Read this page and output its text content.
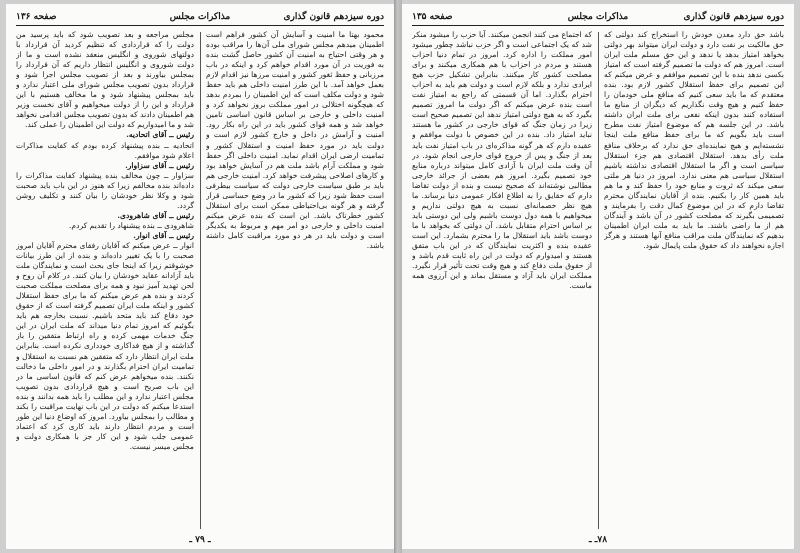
دوره سیزدهم قانون گذاری
مذاکرات مجلس
صفحه ۱۳۶

محمود بهتا ما امنیت و آسایش آن کشور فراهم است اطمینان میدهم مجلس شورای ملی آن‌ها را مراقب بوده و هر وقتی احتیاج به امنیت آن کشور حاصل گشت بنده به فوریت در آن مورد اقدام خواهم کرد و اینکه در باب مرزبانی و حفظ ثغور کشور و امنیت مرزها نیز اقدام لازم بعمل خواهد آمد. با این طرز امنیت داخلی هم باید حفظ شود و دولت مکلف است که این اطمینان را بمردم بدهد که هیچگونه اختلالی در امور مملکت بروز نخواهد کرد و امنیت داخلی و خارجی بر اساس قانون اساسی تامین خواهد شد و همه قوای کشور باید در این راه بکار رود. امنیت و آرامش در داخل و خارج کشور لازم است و دولت باید در مورد حفظ امنیت و استقلال کشور و تمامیت ارضی ایران اقدام نماید. امنیت داخلی اگر حفظ شود و مملکت آرام باشد ملت هم در آسایش خواهد بود و کارهای اصلاحی پیشرفت خواهد کرد. امنیت خارجی هم باید بر طبق سیاست خارجی دولت که سیاست بیطرفی است حفظ شود زیرا که کشور ما در وضع حساسی قرار گرفته و هر گونه بی‌احتیاطی ممکن است برای استقلال کشور خطرناک باشد. این است که بنده عرض میکنم امنیت داخلی و خارجی دو امر مهم و مربوط به یکدیگر است و دولت باید در هر دو مورد مراقبت کامل داشته باشد.

مجلس مراجعه و بعد تصویب شود که باید پرسید من دولت را که قراردادی که تنظیم کردید آن قرارداد با دولتهای شوروی و انگلیس منعقد نشده است و ما از دولت شوروی و انگلیس انتظار داریم که آن قرارداد را بمجلس بیاورند و بعد از تصویب مجلس اجرا شود و قرارداد بدون تصویب مجلس شورای ملی اعتبار ندارد و باید بمجلس پیشنهاد شود و ما مخالف هستیم با این قرارداد و این را از دولت میخواهیم و آقای نخست وزیر هم اطمینان دادند که بدون تصویب مجلس اقدامی نخواهد شد و ما امیدواریم که دولت این اطمینان را عملی کند.

رئیس ــ آقای اتحادیه.

اتحادیه ــ بنده پیشنهاد کرده بودم که کفایت مذاکرات اعلام شود موافقم.

رئیس ــ آقای سزاوار.

سزاوار ــ چون مخالف بنده پیشنهاد کفایت مذاکرات را داده‌اند بنده مخالفم زیرا که هنوز در این باب باید صحبت شود و وکلا نظر خودشان را بیان کنند و تکلیف روشن گردد.

رئیس ــ آقای شاهرودی.

شاهرودی ــ بنده پیشنهاد را تقدیم کردم.

رئیس ــ آقای انوار.

انوار ــ عرض میکنم که آقایان رفقای محترم آقایان امروز صحبت را با یک تغییر داده‌اند و بنده از این طرز بیانات خوشوقتم زیرا که اینجا جای بحث است و نمایندگان ملت باید آزادانه عقاید خودشان را بیان کنند. در کلام آن روح و لحن تهدید آمیز نبود و همه برای مصلحت مملکت صحبت کردند و بنده هم عرض میکنم که ما برای حفظ استقلال کشور و اینکه ملت ایران تصمیم گرفته است که از حقوق خود دفاع کند باید متحد باشیم. نسبت بخارجه هم باید بگوئیم که امروز تمام دنیا میداند که ملت ایران در این جنگ خدمات مهمی کرده و راه ارتباط متفقین را باز گذاشته و از هیچ فداکاری خودداری نکرده است. بنابراین ملت ایران انتظار دارد که متفقین هم نسبت به استقلال و تمامیت ایران احترام بگذارند و در امور داخلی ما دخالت نکنند. بنده میخواهم عرض کنم که قانون اساسی ما در این باب صریح است و هیچ قراردادی بدون تصویب مجلس اعتبار ندارد و این مطلب را باید همه بدانند و بنده استدعا میکنم که دولت در این باب نهایت مراقبت را بکند و مطالب را بمجلس بیاورد. امروز که اوضاع دنیا این طور است و مردم انتظار دارند باید کاری کرد که اعتماد عمومی جلب شود و این کار جز با همکاری دولت و مجلس میسر نیست.

ـ ۷۹ ـ
دوره سیزدهم قانون گذاری
مذاکرات مجلس
صفحه ۱۳۵

باشد حق دارد معدن خودش را استخراج کند دولتی که حق مالکیت بر نفت دارد و دولت ایران میتواند بهر دولتی بخواهد امتیاز بدهد یا ندهد و این حق مسلم ملت ایران است. امروز هم که دولت ما تصمیم گرفته است که امتیاز بکسی ندهد بنده با این تصمیم موافقم و عرض میکنم که این تصمیم برای حفظ استقلال کشور لازم بود. بنده معتقدم که ما باید سعی کنیم که منافع ملی خودمان را حفظ کنیم و هیچ وقت نگذاریم که دیگران از منابع ما استفاده کنند بدون اینکه نفعی برای ملت ایران داشته باشد. در این جلسه هم که موضوع امتیاز نفت مطرح است باید بگویم که ما برای حفظ منافع ملت اینجا نشسته‌ایم و هیچ نماینده‌ای حق ندارد که برخلاف منافع ملت رأی بدهد. استقلال اقتصادی هم جزء استقلال سیاسی است و اگر ما استقلال اقتصادی نداشته باشیم استقلال سیاسی هم معنی ندارد. امروز در دنیا هر ملتی سعی میکند که ثروت و منابع خود را حفظ کند و ما هم باید همین کار را بکنیم. بنده از آقایان نمایندگان محترم تقاضا دارم که در این موضوع کمال دقت را بفرمایند و تصمیمی بگیرند که مصلحت کشور در آن باشد و آیندگان هم از ما راضی باشند. ما باید به ملت ایران اطمینان بدهیم که نمایندگان ملت مراقب منافع آنها هستند و هرگز اجازه نخواهند داد که حقوق ملت پایمال شود.

که اجتماع می کنند انجمن میکنند. آیا حزب را میشود منکر شد که یک اجتماعی است و اگر حزب نباشد چطور میشود امور مملکت را اداره کرد. امروز در تمام دنیا احزاب هستند و مردم در احزاب با هم همکاری میکنند و برای مصلحت کشور کار میکنند. بنابراین تشکیل حزب هیچ ایرادی ندارد و بلکه لازم است و دولت هم باید به احزاب احترام بگذارد. اما آن قسمتی که راجع به امتیاز نفت است بنده عرض میکنم که اگر دولت ما امروز تصمیم بگیرد که به هیچ دولتی امتیاز ندهد این تصمیم صحیح است زیرا در زمان جنگ که قوای خارجی در کشور ما هستند نباید امتیاز داد. بنده در این خصوص با دولت موافقم و عقیده دارم که هر گونه مذاکره‌ای در باب امتیاز نفت باید بعد از جنگ و پس از خروج قوای خارجی انجام شود. در آن وقت ملت ایران با آزادی کامل میتواند درباره منابع خود تصمیم بگیرد. امروز هم بعضی از جرائد خارجی مطالبی نوشته‌اند که صحیح نیست و بنده از دولت تقاضا دارم که حقایق را به اطلاع افکار عمومی دنیا برساند. ما هیچ نظر خصمانه‌ای نسبت به هیچ دولتی نداریم و میخواهیم با همه دول دوست باشیم ولی این دوستی باید بر اساس احترام متقابل باشد. آن دولتی که بخواهد با ما دوست باشد باید استقلال ما را محترم بشمارد. این است عقیده بنده و اکثریت نمایندگان که در این باب متفق هستند و امیدوارم که دولت در این راه ثابت قدم باشد و از حقوق ملت دفاع کند و هیچ وقت تحت تأثیر قرار نگیرد. مملکت ایران باید آزاد و مستقل بماند و این آرزوی همه ماست.

۷۸ـ ـ
